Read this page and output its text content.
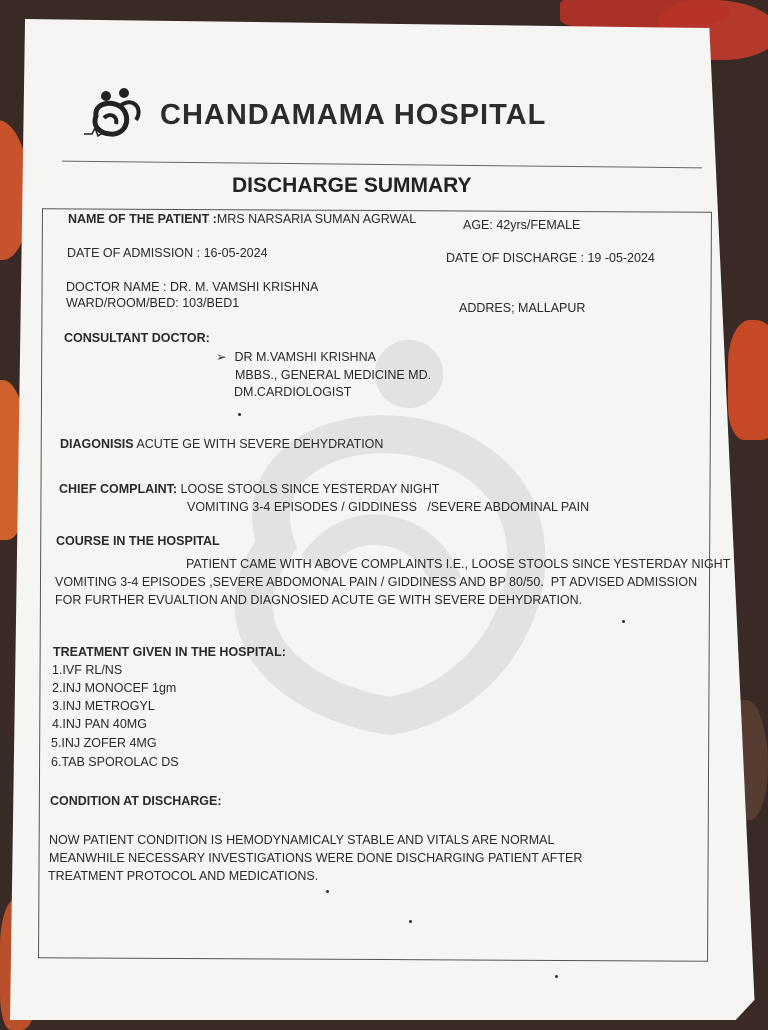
CHANDAMAMA HOSPITAL
DISCHARGE SUMMARY
NAME OF THE PATIENT :MRS NARSARIA SUMAN AGRWAL	AGE: 42yrs/FEMALE
DATE OF ADMISSION : 16-05-2024	DATE OF DISCHARGE : 19 -05-2024
DOCTOR NAME : DR. M. VAMSHI KRISHNA
WARD/ROOM/BED: 103/BED1	ADDRES; MALLAPUR
CONSULTANT DOCTOR:
➢ DR M.VAMSHI KRISHNA
MBBS., GENERAL MEDICINE MD.
DM.CARDIOLOGIST
DIAGONISIS ACUTE GE WITH SEVERE DEHYDRATION
CHIEF COMPLAINT: LOOSE STOOLS SINCE YESTERDAY NIGHT
VOMITING 3-4 EPISODES / GIDDINESS   /SEVERE ABDOMINAL PAIN
COURSE IN THE HOSPITAL
PATIENT CAME WITH ABOVE COMPLAINTS I.E., LOOSE STOOLS SINCE YESTERDAY NIGHT
VOMITING 3-4 EPISODES ,SEVERE ABDOMONAL PAIN / GIDDINESS AND BP 80/50.  PT ADVISED ADMISSION
FOR FURTHER EVUALTION AND DIAGNOSIED ACUTE GE WITH SEVERE DEHYDRATION.
TREATMENT GIVEN IN THE HOSPITAL:
1.IVF RL/NS
2.INJ MONOCEF 1gm
3.INJ METROGYL
4.INJ PAN 40MG
5.INJ ZOFER 4MG
6.TAB SPOROLAC DS
CONDITION AT DISCHARGE:
NOW PATIENT CONDITION IS HEMODYNAMICALY STABLE AND VITALS ARE NORMAL
MEANWHILE NECESSARY INVESTIGATIONS WERE DONE DISCHARGING PATIENT AFTER
TREATMENT PROTOCOL AND MEDICATIONS.
